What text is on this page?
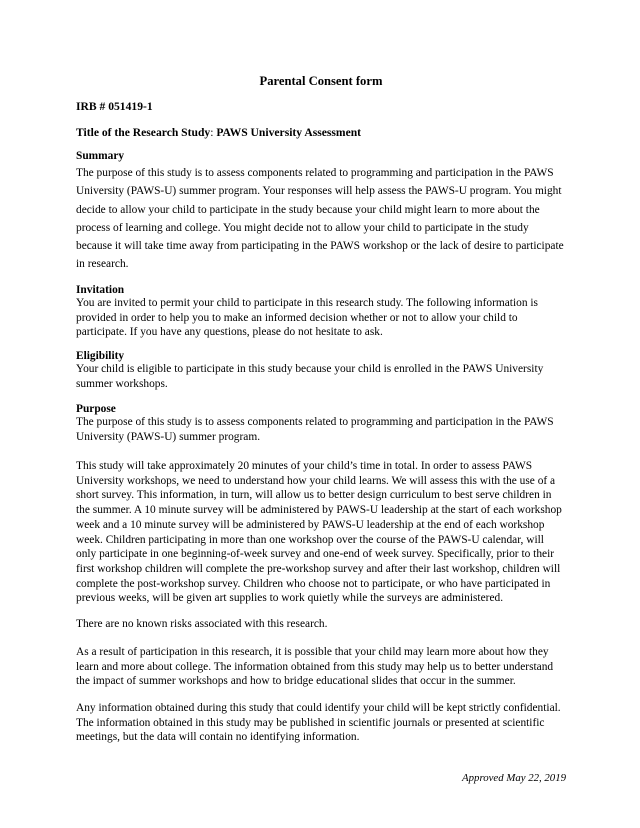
Parental Consent form

IRB # 051419-1

Title of the Research Study: PAWS University Assessment

Summary

The purpose of this study is to assess components related to programming and participation in the PAWS University (PAWS-U) summer program. Your responses will help assess the PAWS-U program. You might decide to allow your child to participate in the study because your child might learn to more about the process of learning and college. You might decide not to allow your child to participate in the study because it will take time away from participating in the PAWS workshop or the lack of desire to participate in research.

Invitation

You are invited to permit your child to participate in this research study. The following information is provided in order to help you to make an informed decision whether or not to allow your child to participate. If you have any questions, please do not hesitate to ask.

Eligibility

Your child is eligible to participate in this study because your child is enrolled in the PAWS University summer workshops.

Purpose

The purpose of this study is to assess components related to programming and participation in the PAWS University (PAWS-U) summer program.

This study will take approximately 20 minutes of your child’s time in total. In order to assess PAWS University workshops, we need to understand how your child learns. We will assess this with the use of a short survey. This information, in turn, will allow us to better design curriculum to best serve children in the summer. A 10 minute survey will be administered by PAWS-U leadership at the start of each workshop week and a 10 minute survey will be administered by PAWS-U leadership at the end of each workshop week. Children participating in more than one workshop over the course of the PAWS-U calendar, will only participate in one beginning-of-week survey and one-end of week survey. Specifically, prior to their first workshop children will complete the pre-workshop survey and after their last workshop, children will complete the post-workshop survey. Children who choose not to participate, or who have participated in previous weeks, will be given art supplies to work quietly while the surveys are administered.

There are no known risks associated with this research.

As a result of participation in this research, it is possible that your child may learn more about how they learn and more about college. The information obtained from this study may help us to better understand the impact of summer workshops and how to bridge educational slides that occur in the summer.

Any information obtained during this study that could identify your child will be kept strictly confidential. The information obtained in this study may be published in scientific journals or presented at scientific meetings, but the data will contain no identifying information.

Approved May 22, 2019
